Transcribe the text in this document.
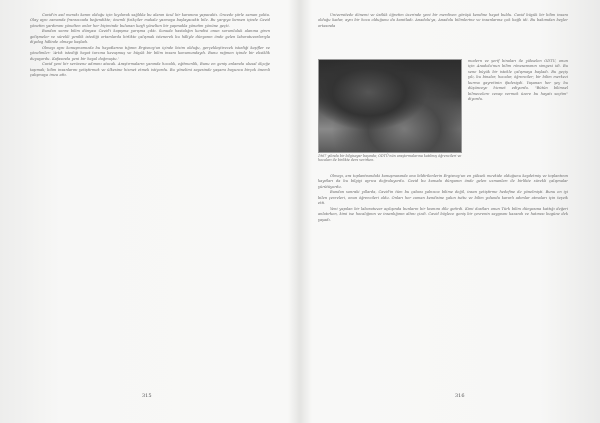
Cavid'in asıl merakı kanın olduğu için kıyılarak sağlıkla bu alanın ücul bir karanına yapacaktı. Öncede şiirle zaman yokta. Olay aynı zamanda fransızcada beğendikte; önemli fizikçiler makale yazmaya başlayacaktı bile. Bu yargıya bensen içinde Cavid yönetim yardımını yönelten onlar her biçiminde bulunan keşfi yönelten bir yapmakla yönetim yönüne geçti.

Bundan sonra bilim dünyası Cavid'i kapışma yarışma çıktı. Sonuda hastalığın kendisi onun sorumluluk alanına giren gelişmeler ve sürekli yenilik istediği ortamlarda birlikte çalışmak istenerek bu hâliyle dünyanın önde gelen laboratuvarlarıyla diyalog hâlinde olmaya başladı.

Olmayı aynı konuşmamızda bu hayatlarına tığının Ergisnoy'un içinde bizim olduğu, gerçekleştirecek istediği keşifler ve yönelimler: 'Artık istediği hayat tarzına kavuşmuş ve büyük bir bilim insanı konumundaydı. Bunu rağmen içinde bir eksiklik duyuyordu. Kafasında yeni bir hayal doğmuştu.'

Cavid yeni bir serüvene adımını atacak. Araştırmaların yanında hocalık, eğitmenlik, Bunu en geniş anlamda ulusal ölçeğe taşımak; bilim insanlarını yetiştirmek ve ülkesine hizmet etmek istiyordu. Bu yönelimi sayesinde yaşamı boyunca birçok önemli çalışmaya imza attı.

315

Üniversitede dönemi ve üstlük öğretim üzerinde yeni bir merdiven görüşü kendine hayat buldu. Cavid büyük bir bilim insanı olduğu kadar, aynı bir hoca olduğunu da kanıtladı. Anadolu'ya, Anadolu bilimlerine ve insanlarına çok bağlı idi. Bu bakımdan beyler ortasında

1967 yılında bir bilgisayar başında; ODTÜ'nün araştırmalarına katılmış öğrencileri ve hocaları ile birlikte ders verirken.

modern ve şerif binaları ile yükselen ODTÜ, onun için Anadolu'nun bilim rönesansının simgesi idi. Bu sene büyük bir istekle çalışmaya başladı. Bu geçiş yılı, bu binalar, hocalar, öğrenciler; bir bilim merkezi kurma gayretinin ifadesiydi. Yaşanan her şey bu düşünceye hizmet ediyordu. "Bütün bilimsel bilmecelere cevap vermek üzere bu hayatı seçtim" diyordu.

Olmayı, ara toplantısındaki konuşmasında ona bildirilenlerin Ergisnoy'un en yüksek mevkide olduğunu kaydetmiş ve toplantının kayıtları da bu bilgiyi ayrıca doğruluyordu. Cavid bu konuda dünyanın önde gelen uzmanları ile birlikte sürekli çalışmalar yürütüyordu.

Bundan sonraki yıllarda, Cavid'in tüm bu çabası yalnızca bilime değil, insan yetiştirme hedefine de yönelmişti. Bunu en iyi bilen çevreleri, onun öğrencileri oldu. Onları her zaman kendisine yakın tuttu ve bilim yolunda kararlı adımlar atmaları için teşvik etti.

Yeni yapılan bir laboratuvar açılışında bunların bir kısmını dile getirdi. Kimi dostları onun Türk bilim dünyasına kattığı değeri anlatırken, kimi ise hocalığının ve insanlığının altını çizdi. Cavid böylece geniş bir çevrenin saygısını kazandı ve hatırası bugüne dek yaşadı.

316
